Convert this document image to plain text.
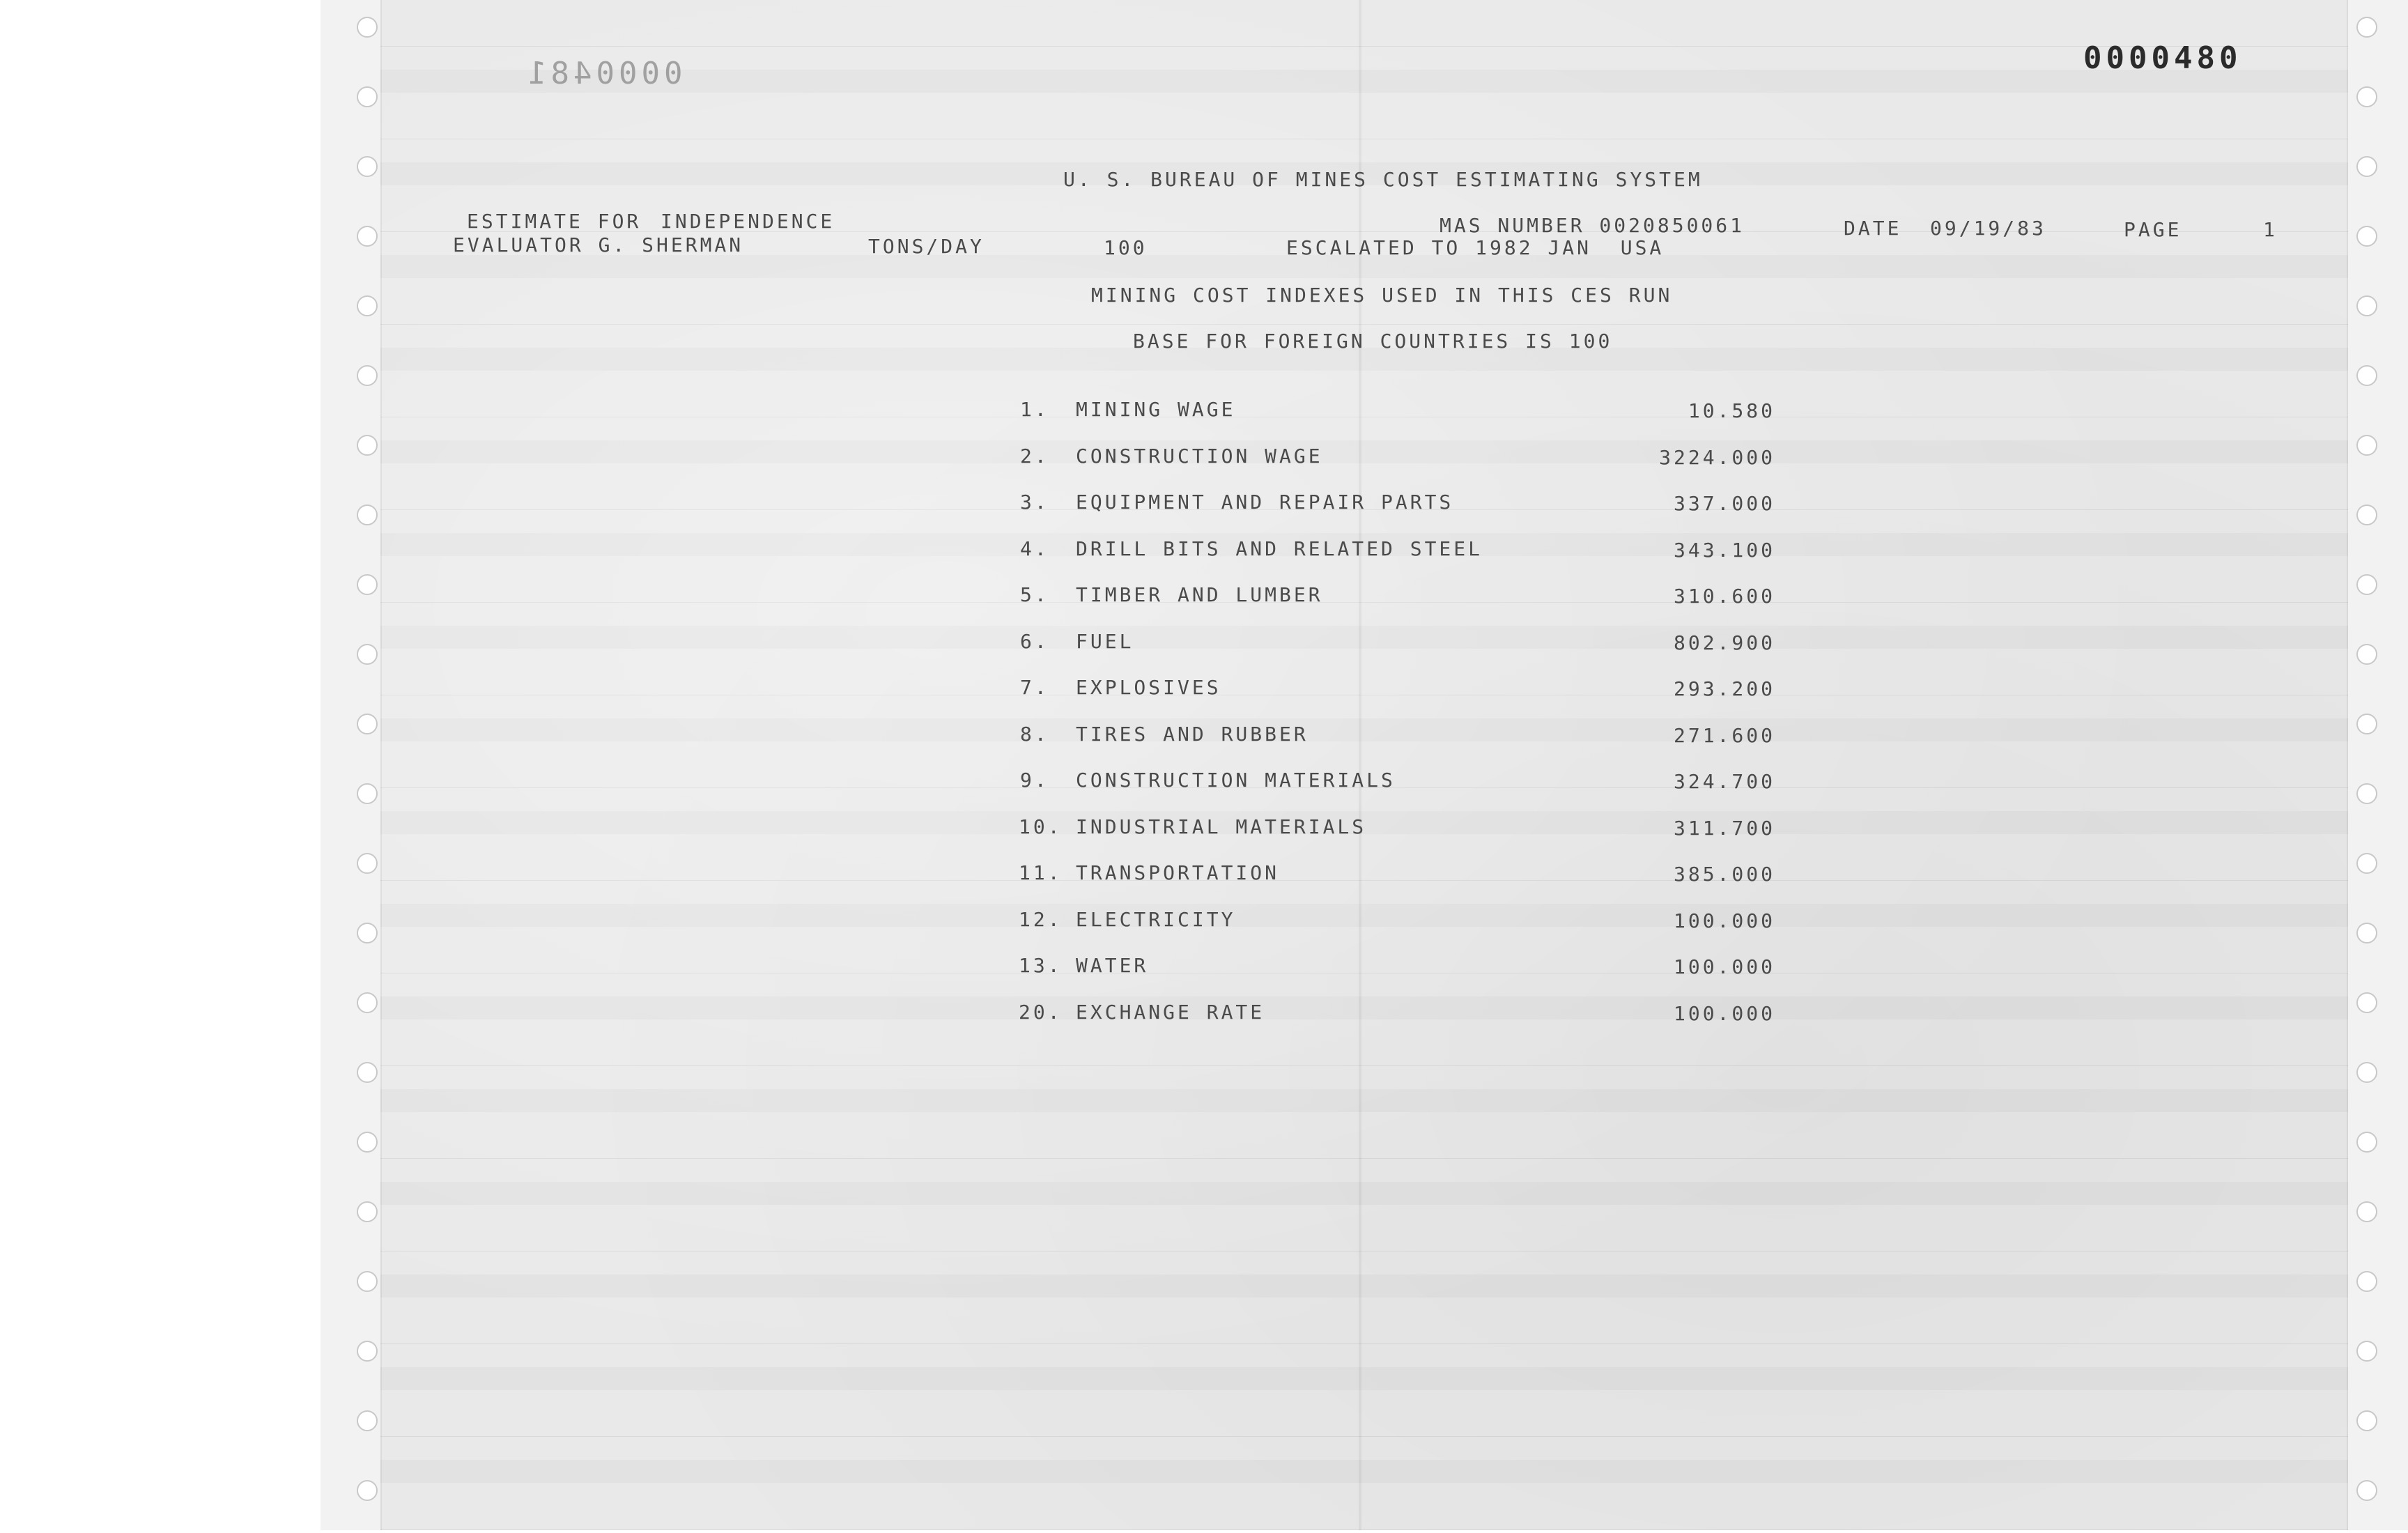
0000481	0000480
U. S. BUREAU OF MINES COST ESTIMATING SYSTEM
ESTIMATE FOR INDEPENDENCE
EVALUATOR G. SHERMAN	TONS/DAY	100
MAS NUMBER 0020850061
ESCALATED TO 1982 JAN  USA
DATE 09/19/83	PAGE	1
MINING COST INDEXES USED IN THIS CES RUN
BASE FOR FOREIGN COUNTRIES IS 100
1. MINING WAGE	10.580
2. CONSTRUCTION WAGE	3224.000
3. EQUIPMENT AND REPAIR PARTS	337.000
4. DRILL BITS AND RELATED STEEL	343.100
5. TIMBER AND LUMBER	310.600
6. FUEL	802.900
7. EXPLOSIVES	293.200
8. TIRES AND RUBBER	271.600
9. CONSTRUCTION MATERIALS	324.700
10. INDUSTRIAL MATERIALS	311.700
11. TRANSPORTATION	385.000
12. ELECTRICITY	100.000
13. WATER	100.000
20. EXCHANGE RATE	100.000
